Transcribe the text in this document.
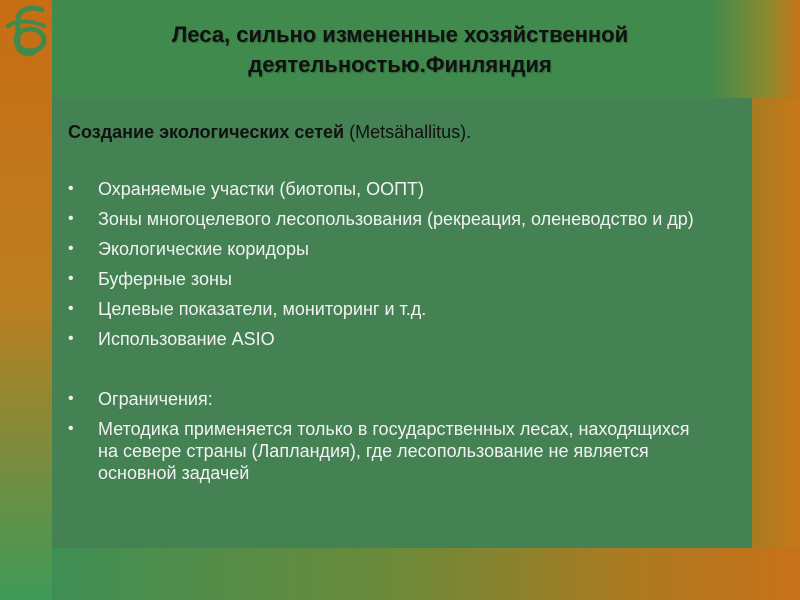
Леса, сильно измененные хозяйственной деятельностью.Финляндия

Создание экологических сетей (Metsähallitus).

•	Охраняемые участки (биотопы, ООПТ)
•	Зоны многоцелевого лесопользования (рекреация, оленеводство и др)
•	Экологические коридоры
•	Буферные зоны
•	Целевые показатели, мониторинг и т.д.
•	Использование ASIO
•	Ограничения:
•	Методика применяется только в государственных лесах, находящихся на севере страны (Лапландия), где лесопользование не является основной задачей
